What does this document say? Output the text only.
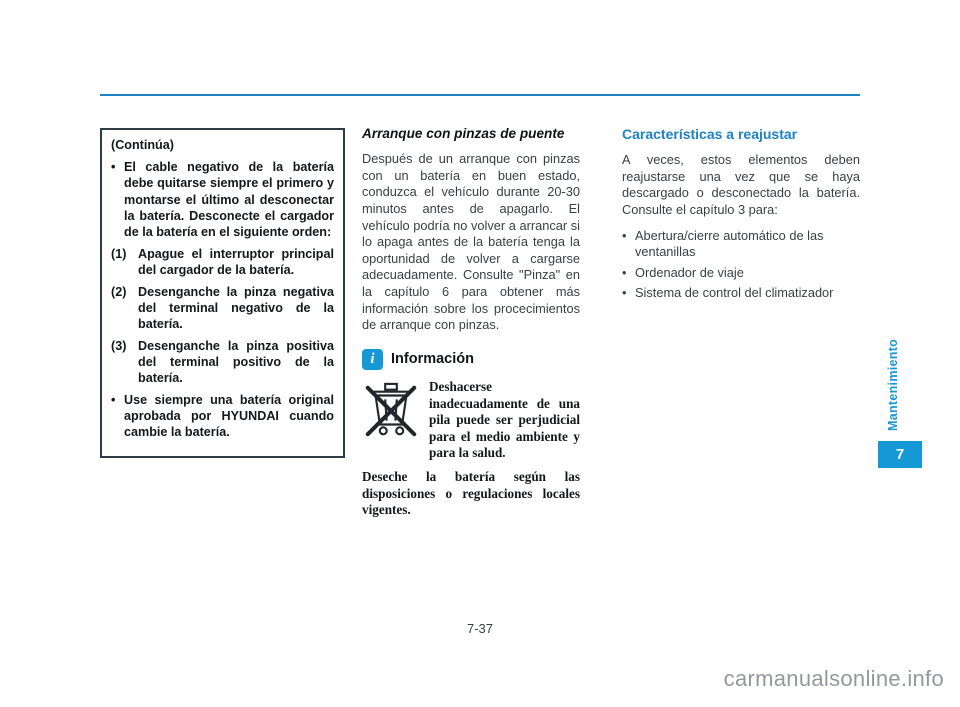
(Continúa)

• El cable negativo de la batería debe quitarse siempre el primero y montarse el último al desconectar la batería. Desconecte el cargador de la batería en el siguiente orden:

(1) Apague el interruptor principal del cargador de la batería.

(2) Desenganche la pinza negativa del terminal negativo de la batería.

(3) Desenganche la pinza positiva del terminal positivo de la batería.

• Use siempre una batería original aprobada por HYUNDAI cuando cambie la batería.

Arranque con pinzas de puente

Después de un arranque con pinzas con un batería en buen estado, conduzca el vehículo durante 20-30 minutos antes de apagarlo. El vehículo podría no volver a arrancar si lo apaga antes de la batería tenga la oportunidad de volver a cargarse adecuadamente. Consulte "Pinza" en la capítulo 6 para obtener más información sobre los procecimientos de arranque con pinzas.

i	Información

Deshacerse inadecuadamente de una pila puede ser perjudicial para el medio ambiente y para la salud.

Deseche la batería según las disposiciones o regulaciones locales vigentes.

Características a reajustar

A veces, estos elementos deben reajustarse una vez que se haya descargado o desconectado la batería. Consulte el capítulo 3 para:

• Abertura/cierre automático de las ventanillas
• Ordenador de viaje
• Sistema de control del climatizador
Mantenimiento
7
7-37
carmanualsonline.info
